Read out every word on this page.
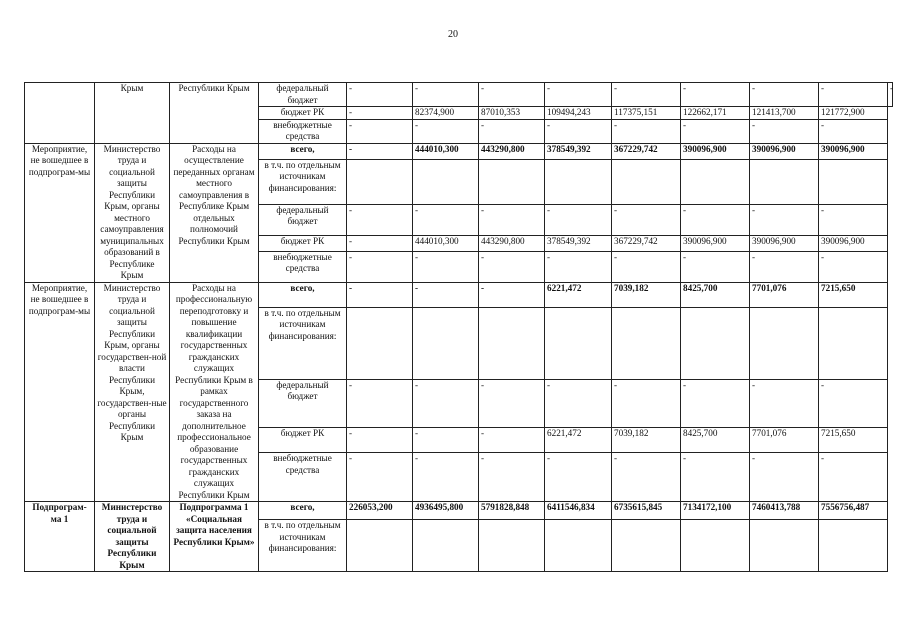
20
	Крым	Республики Крым	федеральный бюджет	-	-	-	-	-	-	-	-	-
			бюджет РК	-	82374,900	87010,353	109494,243	117375,151	122662,171	121413,700	121772,900	
			внебюджетные средства	-	-	-	-	-	-	-	-	
Мероприятие, не вошедшее в подпрограм-мы	Министерство труда и социальной защиты Республики Крым, органы местного самоуправления муниципальных образований в Республике Крым	Расходы на осуществление переданных органам местного самоуправления в Республике Крым отдельных полномочий Республики Крым	всего,	-	444010,300	443290,800	378549,392	367229,742	390096,900	390096,900	390096,900	
			в т.ч. по отдельным источникам финансирования:									
			федеральный бюджет	-	-	-	-	-	-	-	-	
			бюджет РК	-	444010,300	443290,800	378549,392	367229,742	390096,900	390096,900	390096,900	
			внебюджетные средства	-	-	-	-	-	-	-	-	
Мероприятие, не вошедшее в подпрограм-мы	Министерство труда и социальной защиты Республики Крым, органы государствен-ной власти Республики Крым, государствен-ные органы Республики Крым	Расходы на профессиональную переподготовку и повышение квалификации государственных гражданских служащих Республики Крым в рамках государственного заказа на дополнительное профессиональное образование государственных гражданских служащих Республики Крым	всего,	-	-	-	6221,472	7039,182	8425,700	7701,076	7215,650	
			в т.ч. по отдельным источникам финансирования:									
			федеральный бюджет	-	-	-	-	-	-	-	-	
			бюджет РК	-	-	-	6221,472	7039,182	8425,700	7701,076	7215,650	
			внебюджетные средства	-	-	-	-	-	-	-	-	
Подпрограм-ма 1	Министерство труда и социальной защиты Республики Крым	Подпрограмма 1 «Социальная защита населения Республики Крым»	всего,	226053,200	4936495,800	5791828,848	6411546,834	6735615,845	7134172,100	7460413,788	7556756,487	
			в т.ч. по отдельным источникам финансирования:									
